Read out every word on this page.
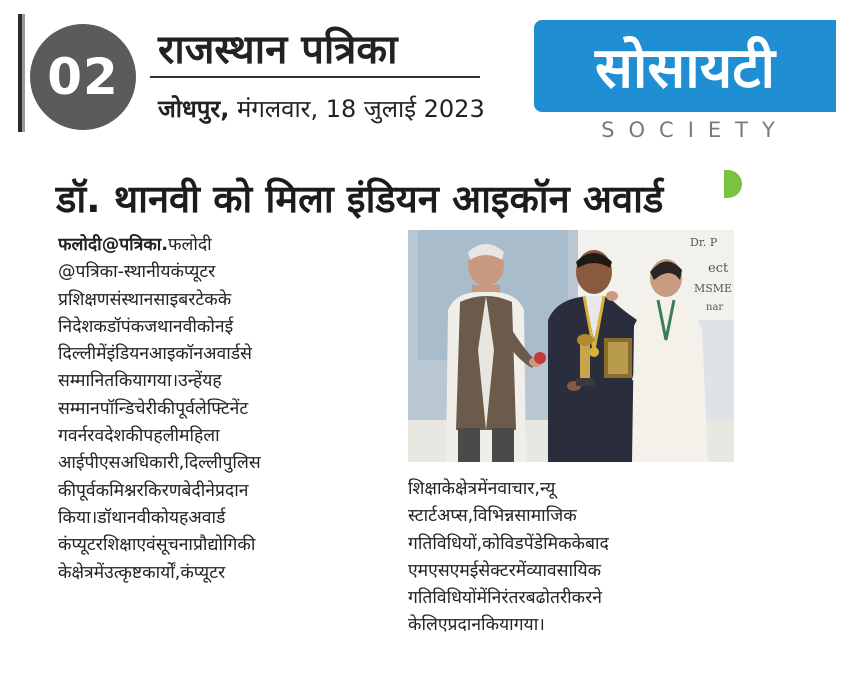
02 राजस्थान पत्रिका
जोधपुर, मंगलवार, 18 जुलाई 2023
सोसायटी
SOCIETY
डॉ. थानवी को मिला इंडियन आइकॉन अवार्ड
फलोदी@पत्रिका.फलोदी
@पत्रिका-स्थानीयकंप्यूटर
प्रशिक्षणसंस्थानसाइबरटेकके
निदेशकडॉपंकजथानवीकोनई
दिल्लीमेंइंडियनआइकॉनअवार्डसे
सम्मानितकियागया।उन्हेंयह
सम्मानपॉन्डिचेरीकीपूर्वलेफ्टिनेंट
गवर्नरवदेशकीपहलीमहिला
आईपीएसअधिकारी,दिल्लीपुलिस
कीपूर्वकमिश्नरकिरणबेदीनेप्रदान
किया।डॉथानवीकोयहअवार्ड
कंप्यूटरशिक्षाएवंसूचनाप्रौद्योगिकी
केक्षेत्रमेंउत्कृष्टकार्यों,कंप्यूटर
Dr. P
ect
MSME
nar
शिक्षाकेक्षेत्रमेंनवाचार,न्यू
स्टार्टअप्स,विभिन्नसामाजिक
गतिविधियों,कोविडपेंडेमिककेबाद
एमएसएमईसेक्टरमेंव्यावसायिक
गतिविधियोंमेंनिरंतरबढोतरीकरने
केलिएप्रदानकियागया।
